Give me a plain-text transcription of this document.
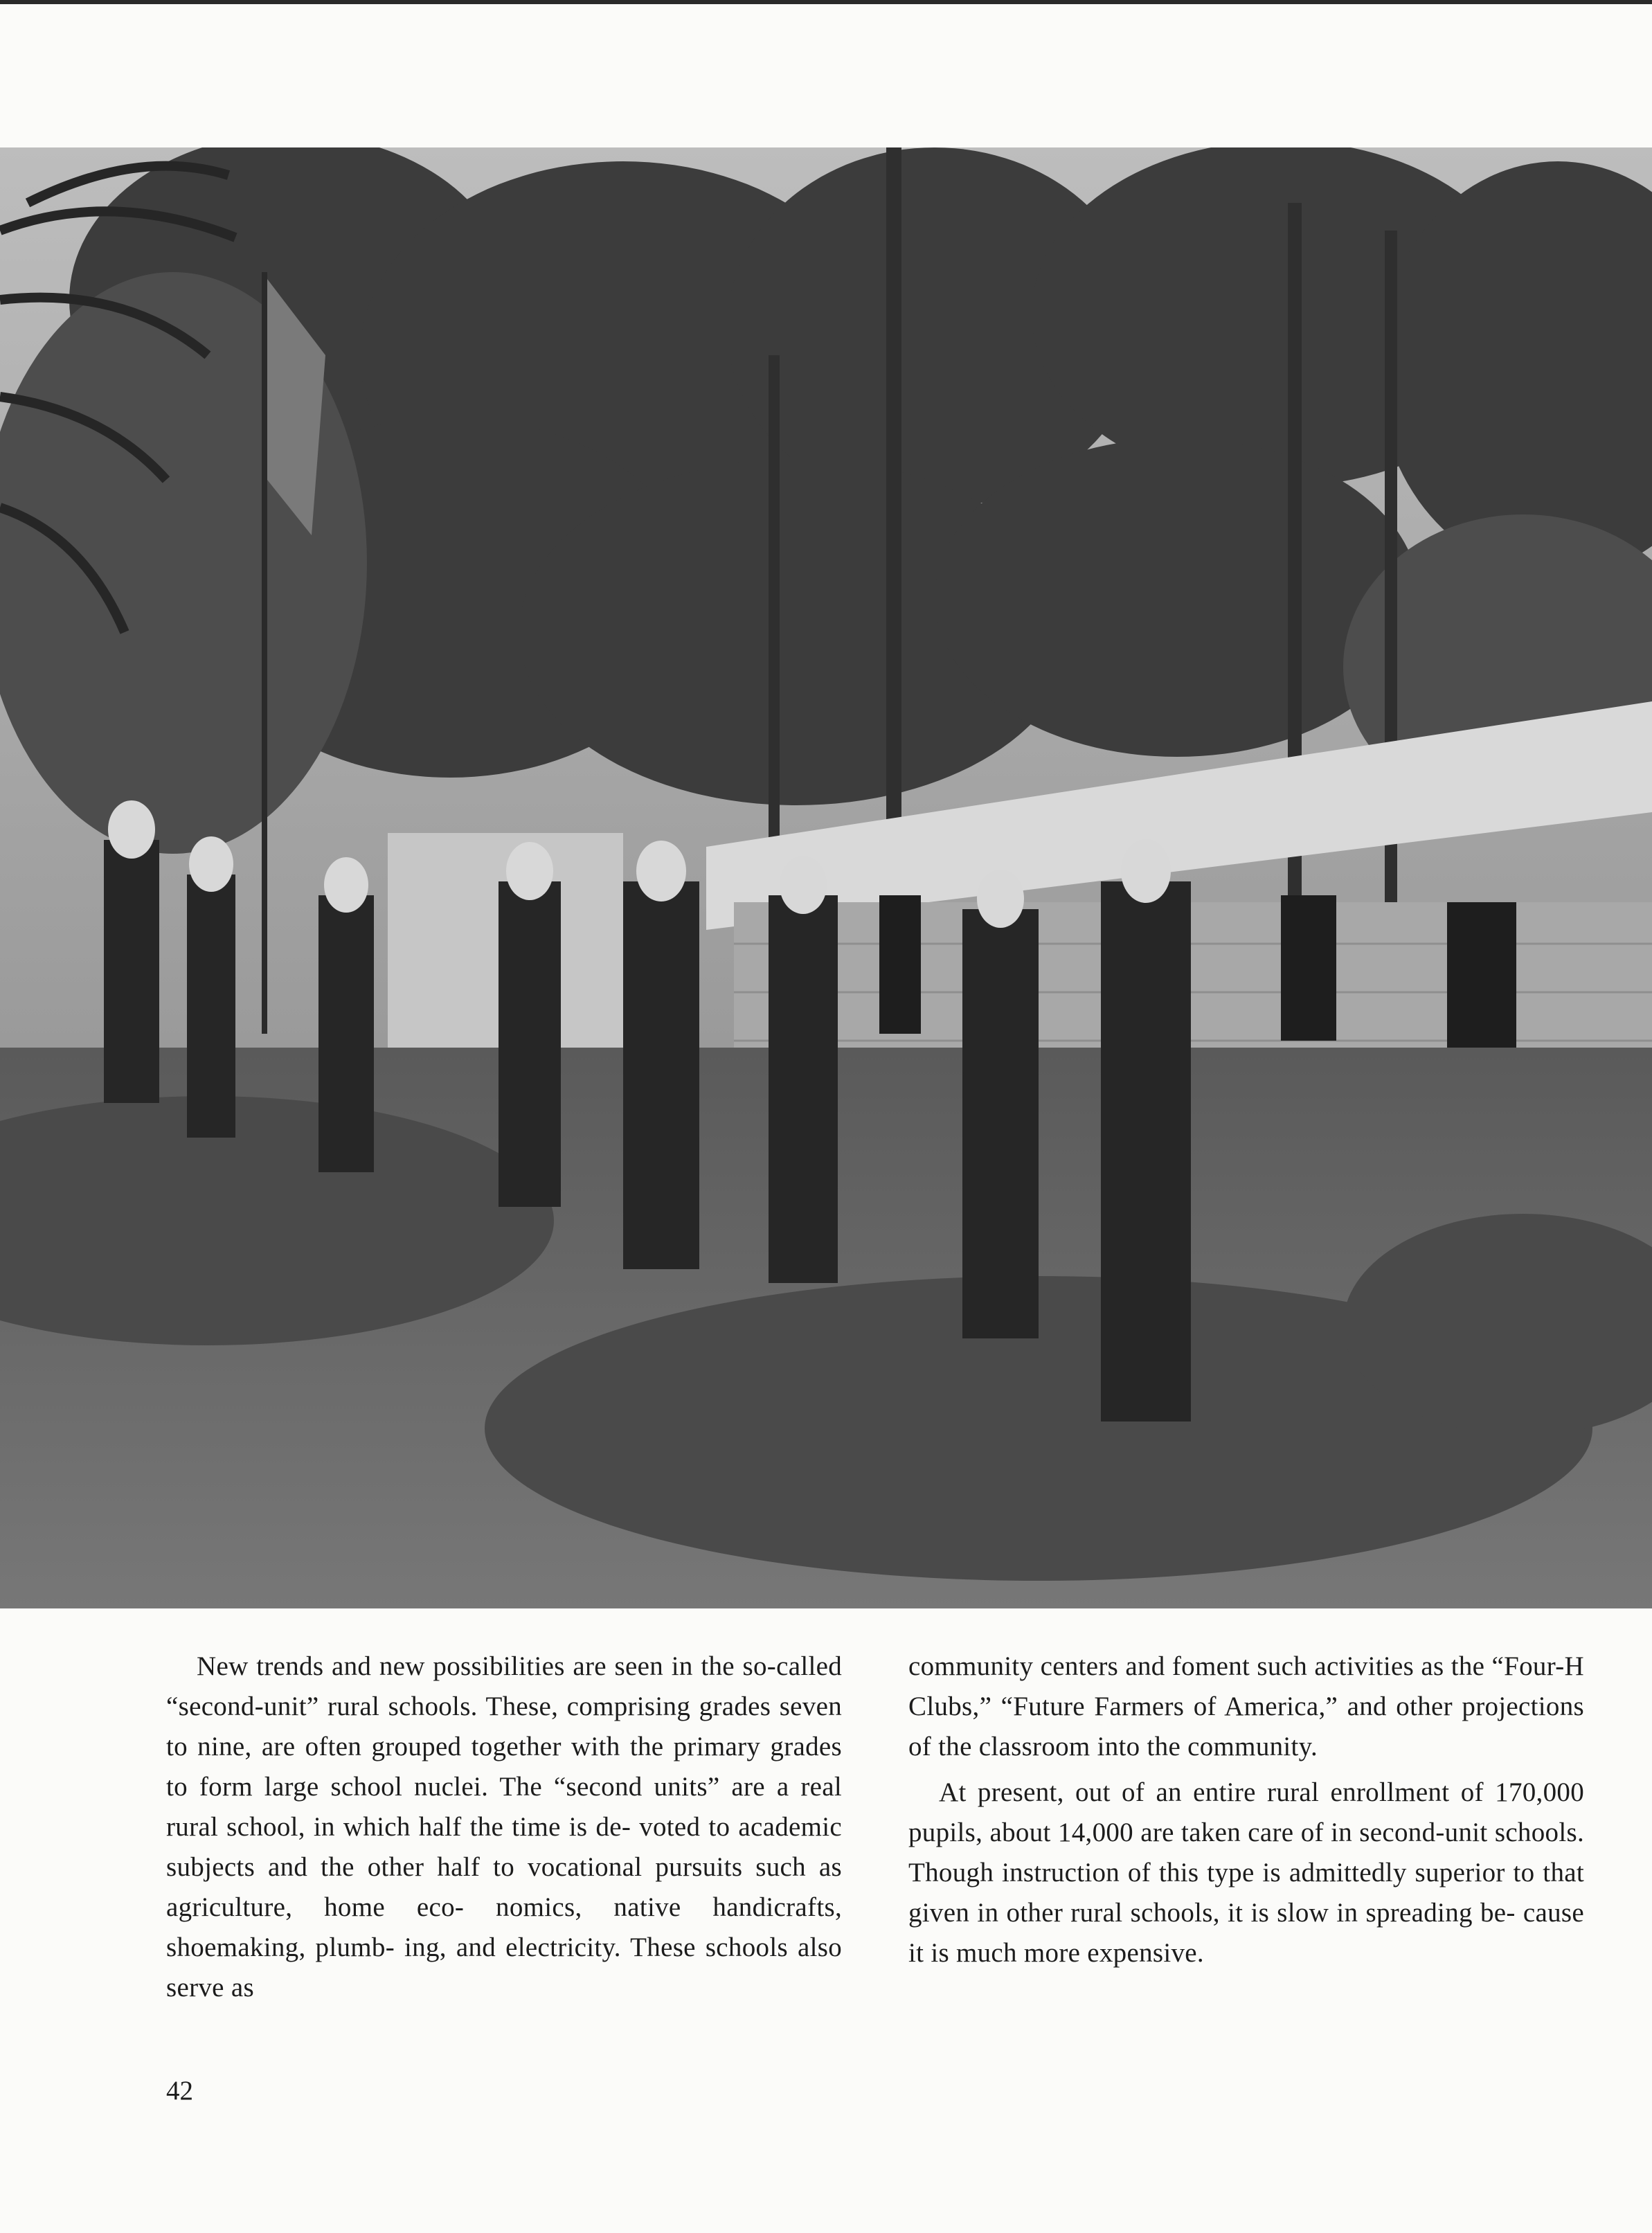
New trends and new possibilities are seen in the so-called “second-unit” rural schools. These, comprising grades seven to nine, are often grouped together with the primary grades to form large school nuclei. The “second units” are a real rural school, in which half the time is de- voted to academic subjects and the other half to vocational pursuits such as agriculture, home eco- nomics, native handicrafts, shoemaking, plumb- ing, and electricity. These schools also serve as

community centers and foment such activities as the “Four-H Clubs,” “Future Farmers of America,” and other projections of the classroom into the community.

At present, out of an entire rural enrollment of 170,000 pupils, about 14,000 are taken care of in second-unit schools. Though instruction of this type is admittedly superior to that given in other rural schools, it is slow in spreading be- cause it is much more expensive.

42
